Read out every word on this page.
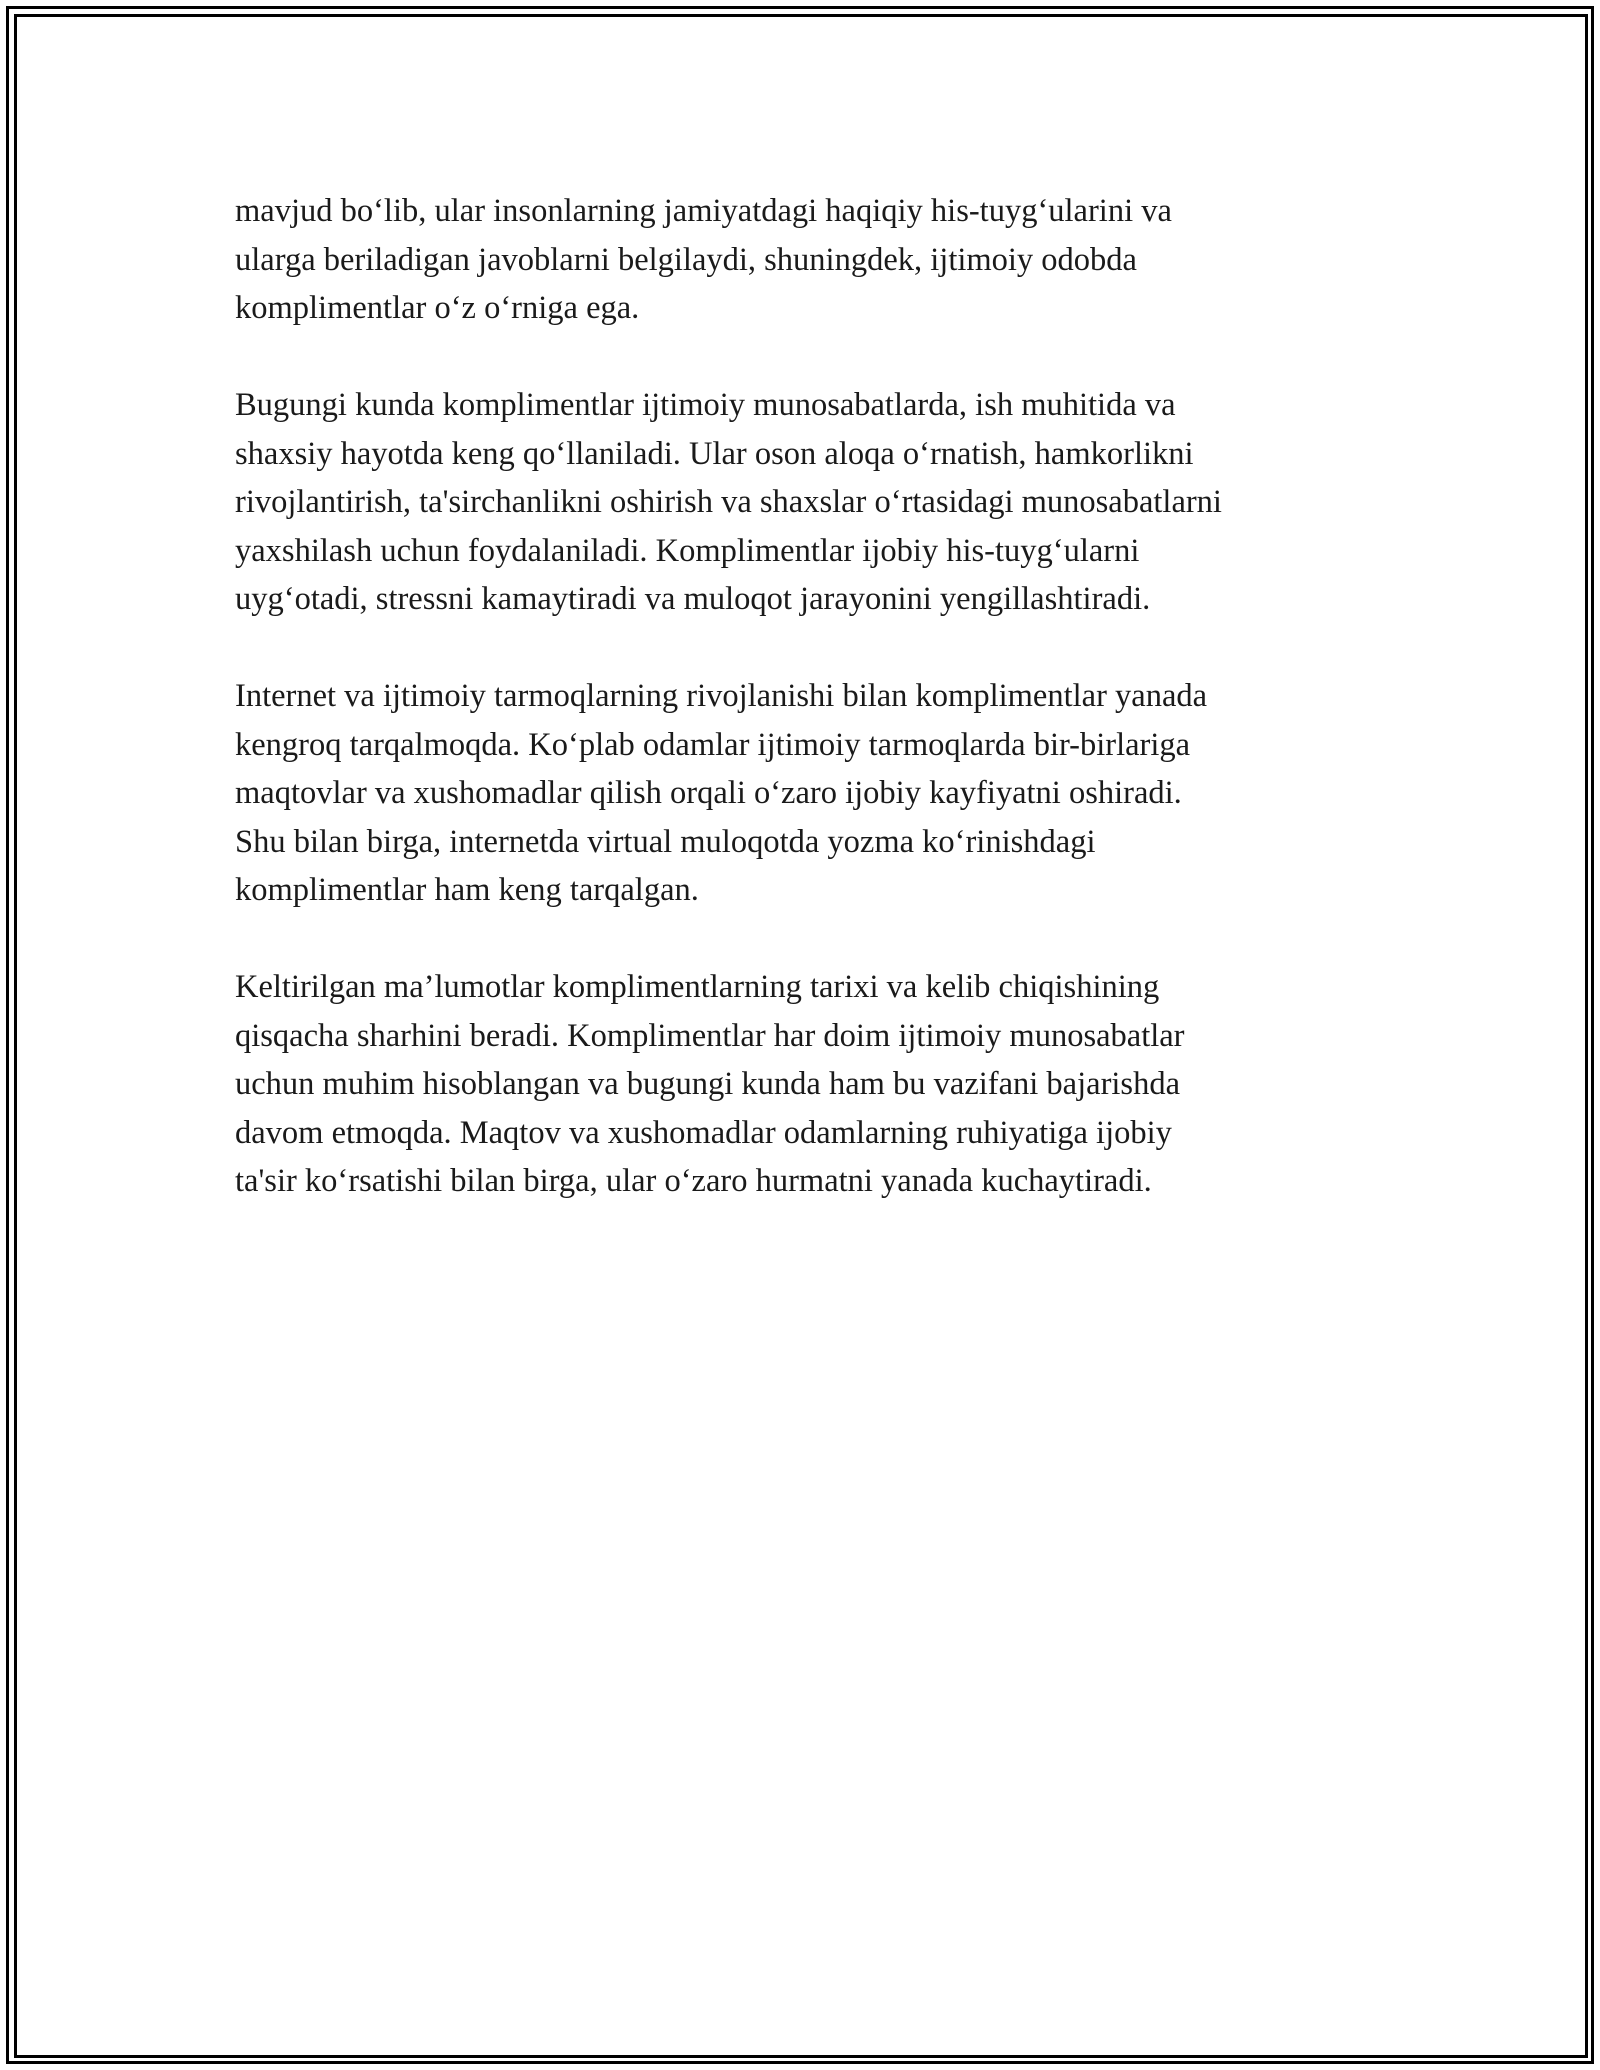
mavjud bo‘lib, ular insonlarning jamiyatdagi haqiqiy his-tuyg‘ularini va
ularga beriladigan javoblarni belgilaydi, shuningdek, ijtimoiy odobda
komplimentlar o‘z o‘rniga ega.

Bugungi kunda komplimentlar ijtimoiy munosabatlarda, ish muhitida va
shaxsiy hayotda keng qo‘llaniladi. Ular oson aloqa o‘rnatish, hamkorlikni
rivojlantirish, ta'sirchanlikni oshirish va shaxslar o‘rtasidagi munosabatlarni
yaxshilash uchun foydalaniladi. Komplimentlar ijobiy his-tuyg‘ularni
uyg‘otadi, stressni kamaytiradi va muloqot jarayonini yengillashtiradi.

Internet va ijtimoiy tarmoqlarning rivojlanishi bilan komplimentlar yanada
kengroq tarqalmoqda. Ko‘plab odamlar ijtimoiy tarmoqlarda bir-birlariga
maqtovlar va xushomadlar qilish orqali o‘zaro ijobiy kayfiyatni oshiradi.
Shu bilan birga, internetda virtual muloqotda yozma ko‘rinishdagi
komplimentlar ham keng tarqalgan.

Keltirilgan ma’lumotlar komplimentlarning tarixi va kelib chiqishining
qisqacha sharhini beradi. Komplimentlar har doim ijtimoiy munosabatlar
uchun muhim hisoblangan va bugungi kunda ham bu vazifani bajarishda
davom etmoqda. Maqtov va xushomadlar odamlarning ruhiyatiga ijobiy
ta'sir ko‘rsatishi bilan birga, ular o‘zaro hurmatni yanada kuchaytiradi.
